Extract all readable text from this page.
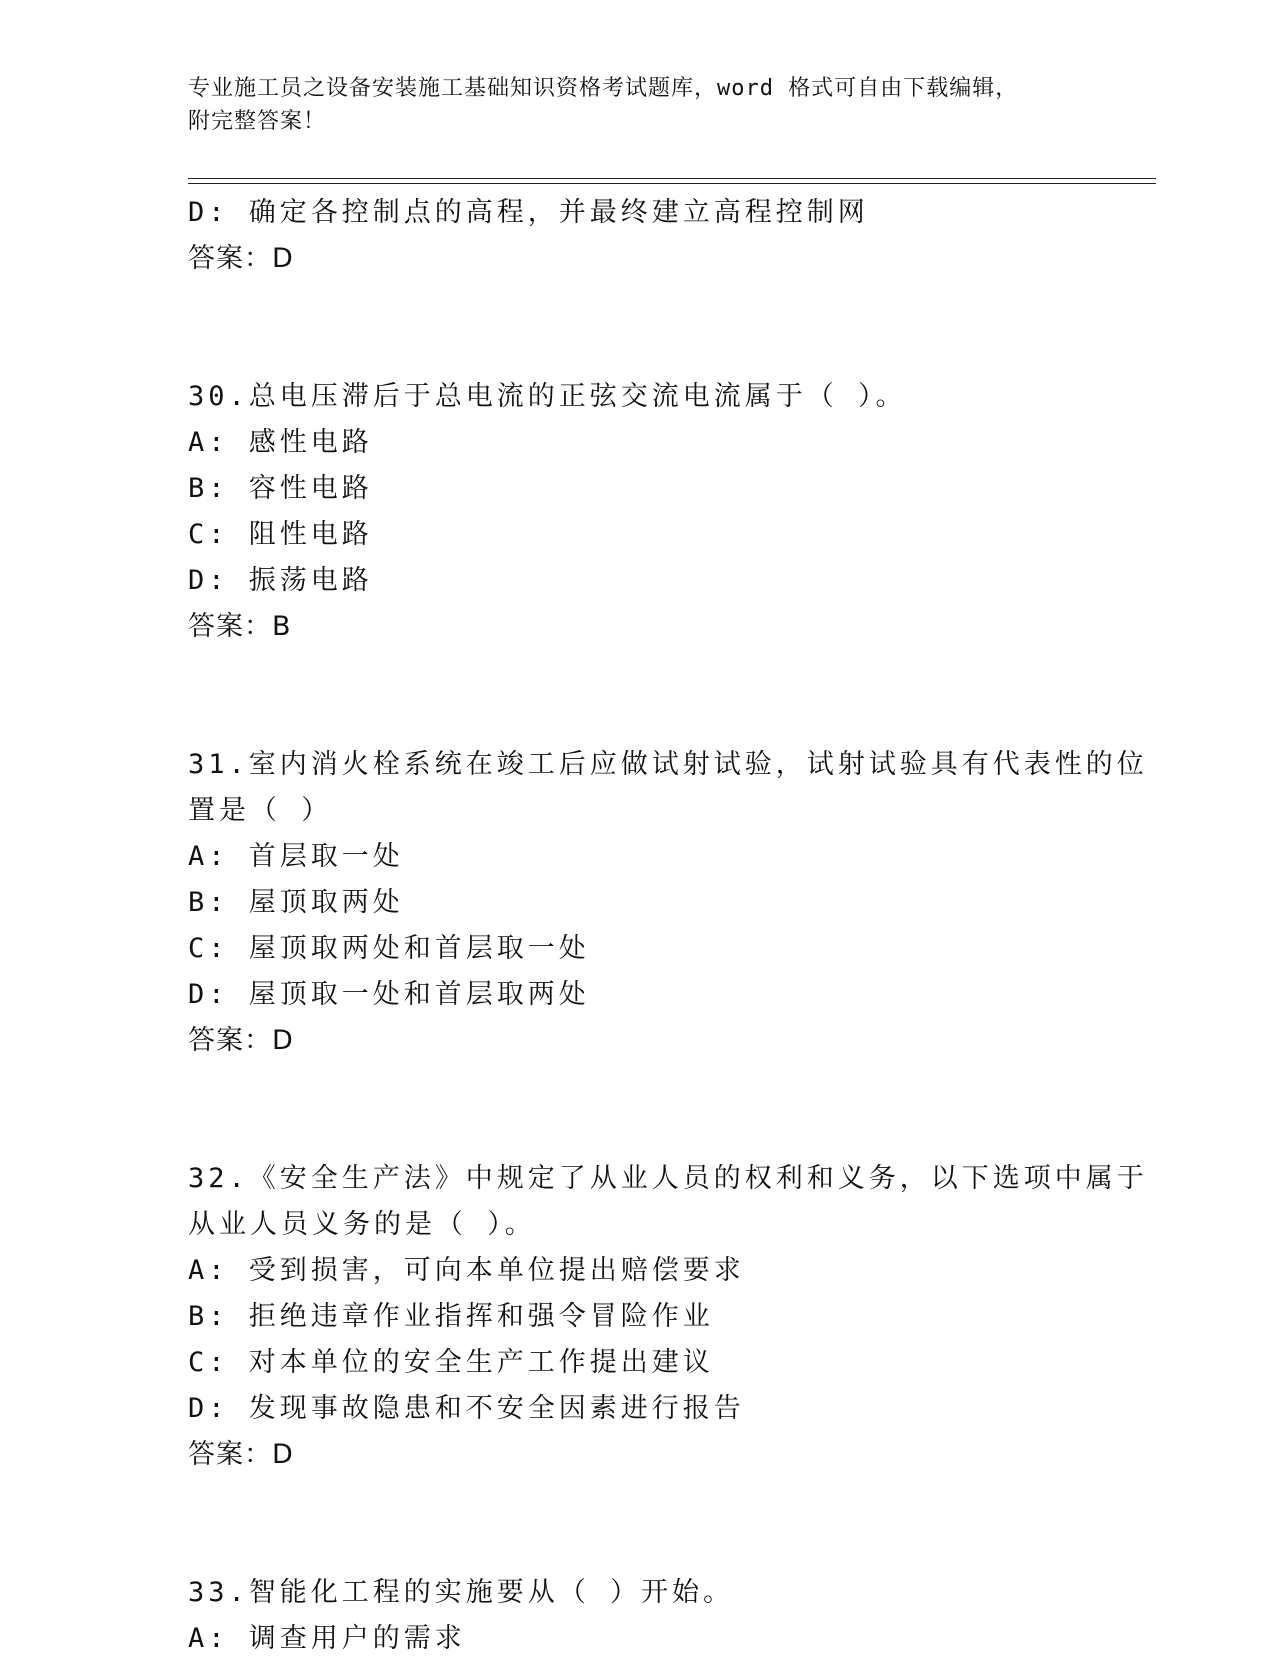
专业施工员之设备安装施工基础知识资格考试题库，word 格式可自由下载编辑，
附完整答案！
D: 确定各控制点的高程，并最终建立高程控制网
答案：D
30.总电压滞后于总电流的正弦交流电流属于（ ）。
A: 感性电路
B: 容性电路
C: 阻性电路
D: 振荡电路
答案：B
31.室内消火栓系统在竣工后应做试射试验，试射试验具有代表性的位
置是（ ）
A: 首层取一处
B: 屋顶取两处
C: 屋顶取两处和首层取一处
D: 屋顶取一处和首层取两处
答案：D
32.《安全生产法》中规定了从业人员的权利和义务，以下选项中属于
从业人员义务的是（ ）。
A: 受到损害，可向本单位提出赔偿要求
B: 拒绝违章作业指挥和强令冒险作业
C: 对本单位的安全生产工作提出建议
D: 发现事故隐患和不安全因素进行报告
答案：D
33.智能化工程的实施要从（ ）开始。
A: 调查用户的需求
